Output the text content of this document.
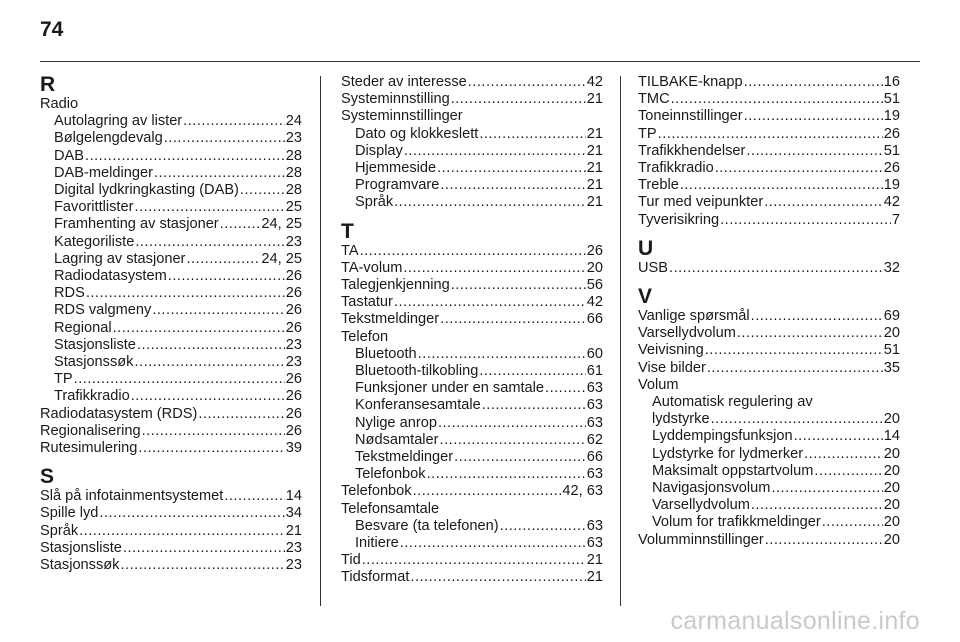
74
R
Radio
Autolagring av lister .....	24
Bølgelengdevalg .....	23
DAB .....	28
DAB-meldinger .....	28
Digital lydkringkasting (DAB) .....	28
Favorittlister .....	25
Framhenting av stasjoner .....	24, 25
Kategoriliste .....	23
Lagring av stasjoner .....	24, 25
Radiodatasystem .....	26
RDS .....	26
RDS valgmeny .....	26
Regional .....	26
Stasjonsliste .....	23
Stasjonssøk .....	23
TP .....	26
Trafikkradio .....	26
Radiodatasystem (RDS) .....	26
Regionalisering .....	26
Rutesimulering .....	39
S
Slå på infotainmentsystemet .....	14
Spille lyd .....	34
Språk .....	21
Stasjonsliste .....	23
Stasjonssøk .....	23
Steder av interesse .....	42
Systeminnstilling .....	21
Systeminnstillinger
Dato og klokkeslett .....	21
Display .....	21
Hjemmeside .....	21
Programvare .....	21
Språk .....	21
T
TA .....	26
TA-volum .....	20
Talegjenkjenning .....	56
Tastatur .....	42
Tekstmeldinger .....	66
Telefon
Bluetooth .....	60
Bluetooth-tilkobling .....	61
Funksjoner under en samtale .....	63
Konferansesamtale .....	63
Nylige anrop .....	63
Nødsamtaler .....	62
Tekstmeldinger .....	66
Telefonbok .....	63
Telefonbok .....	42, 63
Telefonsamtale
Besvare (ta telefonen) .....	63
Initiere .....	63
Tid .....	21
Tidsformat .....	21
TILBAKE-knapp .....	16
TMC .....	51
Toneinnstillinger .....	19
TP .....	26
Trafikkhendelser .....	51
Trafikkradio .....	26
Treble .....	19
Tur med veipunkter .....	42
Tyverisikring .....	7
U
USB .....	32
V
Vanlige spørsmål .....	69
Varsellydvolum .....	20
Veivisning .....	51
Vise bilder .....	35
Volum
Automatisk regulering av
lydstyrke .....	20
Lyddempingsfunksjon .....	14
Lydstyrke for lydmerker .....	20
Maksimalt oppstartvolum .....	20
Navigasjonsvolum .....	20
Varsellydvolum .....	20
Volum for trafikkmeldinger .....	20
Volumminnstillinger .....	20
carmanualsonline.info
